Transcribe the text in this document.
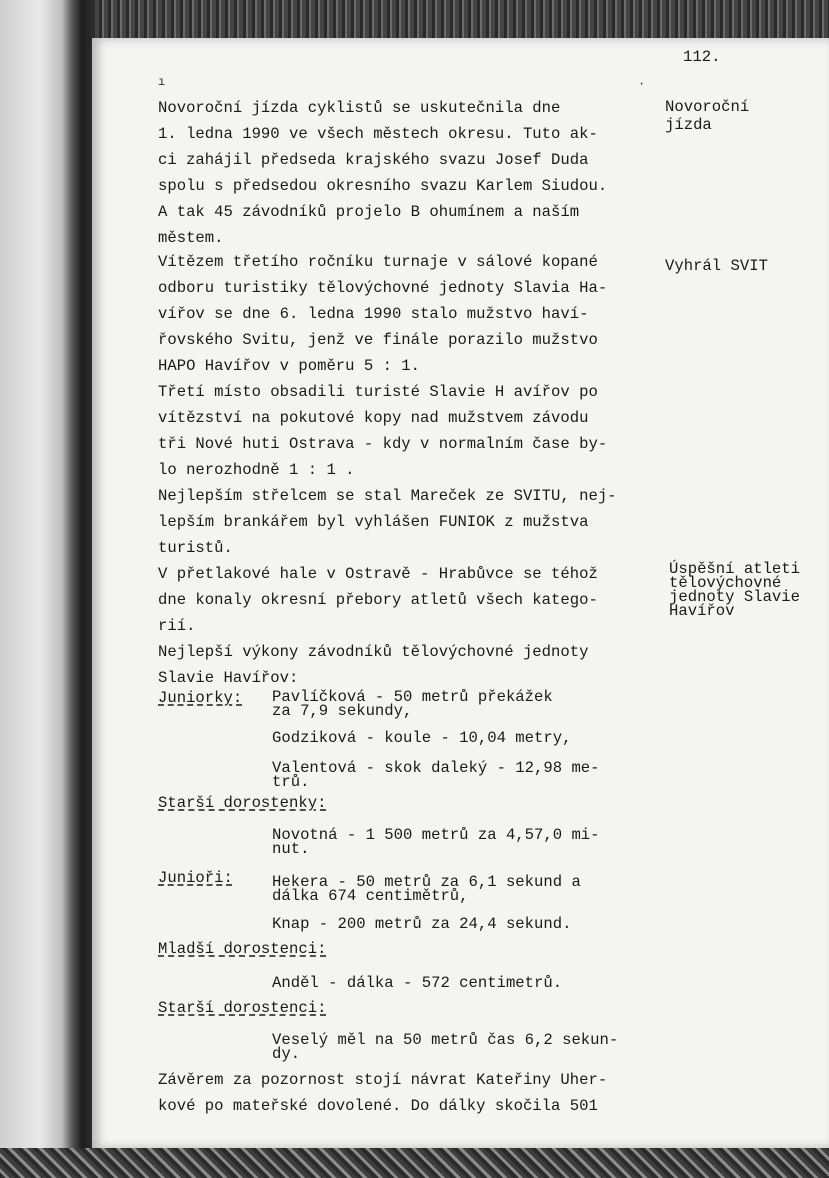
112.

ı	·

Novoroční jízda cyklistů se uskutečnila dne
1. ledna 1990 ve všech městech okresu. Tuto ak-
ci zahájil předseda krajského svazu Josef Duda
spolu s předsedou okresního svazu Karlem Siudou.
A tak 45 závodníků projelo B ohumínem a naším
městem.

Novoroční
jízda

Vítězem třetího ročníku turnaje v sálové kopané
odboru turistiky tělovýchovné jednoty Slavia Ha-
vířov se dne 6. ledna 1990 stalo mužstvo haví-
řovského Svitu, jenž ve finále porazilo mužstvo
HAPO Havířov v poměru 5 : 1.
Třetí místo obsadili turisté Slavie H avířov po
vítězství na pokutové kopy nad mužstvem závodu
tři Nové huti Ostrava - kdy v normalním čase by-
lo nerozhodně 1 : 1 .
Nejlepším střelcem se stal Mareček ze SVITU, nej-
lepším brankářem byl vyhlášen FUNIOK z mužstva
turistů.

Vyhrál SVIT

V přetlakové hale v Ostravě - Hrabůvce se téhož
dne konaly okresní přebory atletů všech katego-
rií.
Nejlepší výkony závodníků tělovýchovné jednoty
Slavie Havířov:

Úspěšní atleti
tělovýchovné
jednoty Slavie
Havířov

Juniorky: Pavlíčková - 50 metrů překážek
za 7,9 sekundy,

Godziková - koule - 10,04 metry,

Valentová - skok daleký - 12,98 me-
trů.

Starší dorostenky:

Novotná - 1 500 metrů za 4,57,0 mi-
nut.

Junioři:	Hekera - 50 metrů za 6,1 sekund a
dálka 674 centimětrů,

Knap - 200 metrů za 24,4 sekund.

Mladší dorostenci:

Anděl - dálka - 572 centimetrů.

Starší dorostenci:

Veselý měl na 50 metrů čas 6,2 sekun-
dy.

Závěrem za pozornost stojí návrat Kateřiny Uher-
kové po mateřské dovolené. Do dálky skočila 501
